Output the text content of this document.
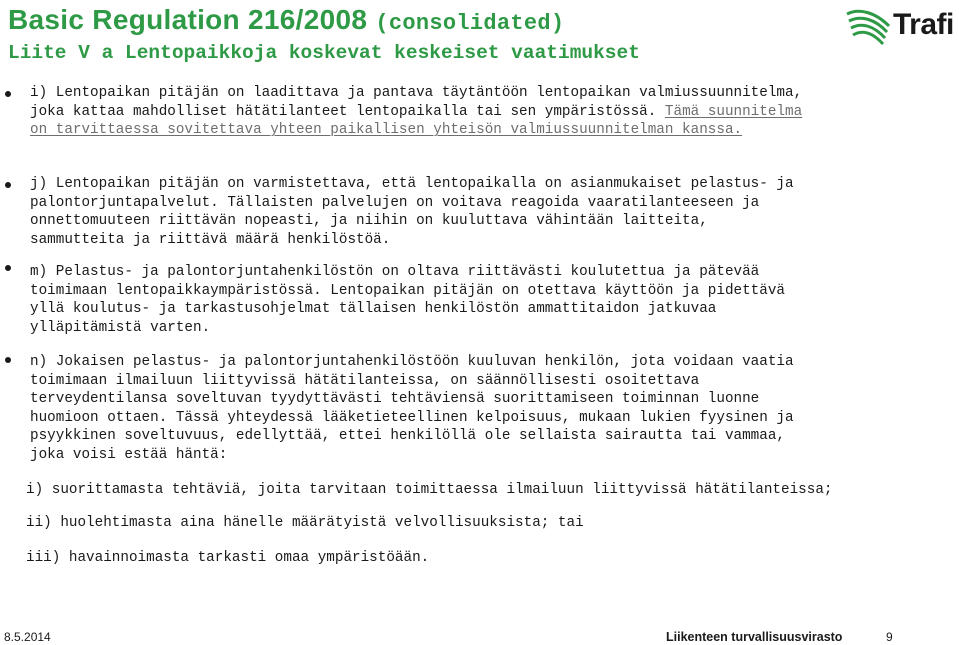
Basic Regulation 216/2008 (consolidated)
Liite V a Lentopaikkoja koskevat keskeiset vaatimukset
Trafi

i) Lentopaikan pitäjän on laadittava ja pantava täytäntöön lentopaikan valmiussuunnitelma, joka kattaa mahdolliset hätätilanteet lentopaikalla tai sen ympäristössä. Tämä suunnitelma on tarvittaessa sovitettava yhteen paikallisen yhteisön valmiussuunnitelman kanssa.

j) Lentopaikan pitäjän on varmistettava, että lentopaikalla on asianmukaiset pelastus- ja palontorjuntapalvelut. Tällaisten palvelujen on voitava reagoida vaaratilanteeseen ja onnettomuuteen riittävän nopeasti, ja niihin on kuuluttava vähintään laitteita, sammutteita ja riittävä määrä henkilöstöä.

m) Pelastus- ja palontorjuntahenkilöstön on oltava riittävästi koulutettua ja pätevää toimimaan lentopaikkaympäristössä. Lentopaikan pitäjän on otettava käyttöön ja pidettävä yllä koulutus- ja tarkastusohjelmat tällaisen henkilöstön ammattitaidon jatkuvaa ylläpitämistä varten.

n) Jokaisen pelastus- ja palontorjuntahenkilöstöön kuuluvan henkilön, jota voidaan vaatia toimimaan ilmailuun liittyvissä hätätilanteissa, on säännöllisesti osoitettava terveydentilansa soveltuvan tyydyttävästi tehtäviensä suorittamiseen toiminnan luonne huomioon ottaen. Tässä yhteydessä lääketieteellinen kelpoisuus, mukaan lukien fyysinen ja psyykkinen soveltuvuus, edellyttää, ettei henkilöllä ole sellaista sairautta tai vammaa, joka voisi estää häntä:

i) suorittamasta tehtäviä, joita tarvitaan toimittaessa ilmailuun liittyvissä hätätilanteissa;

ii) huolehtimasta aina hänelle määrätyistä velvollisuuksista; tai

iii) havainnoimasta tarkasti omaa ympäristöään.

8.5.2014	Liikenteen turvallisuusvirasto	9
